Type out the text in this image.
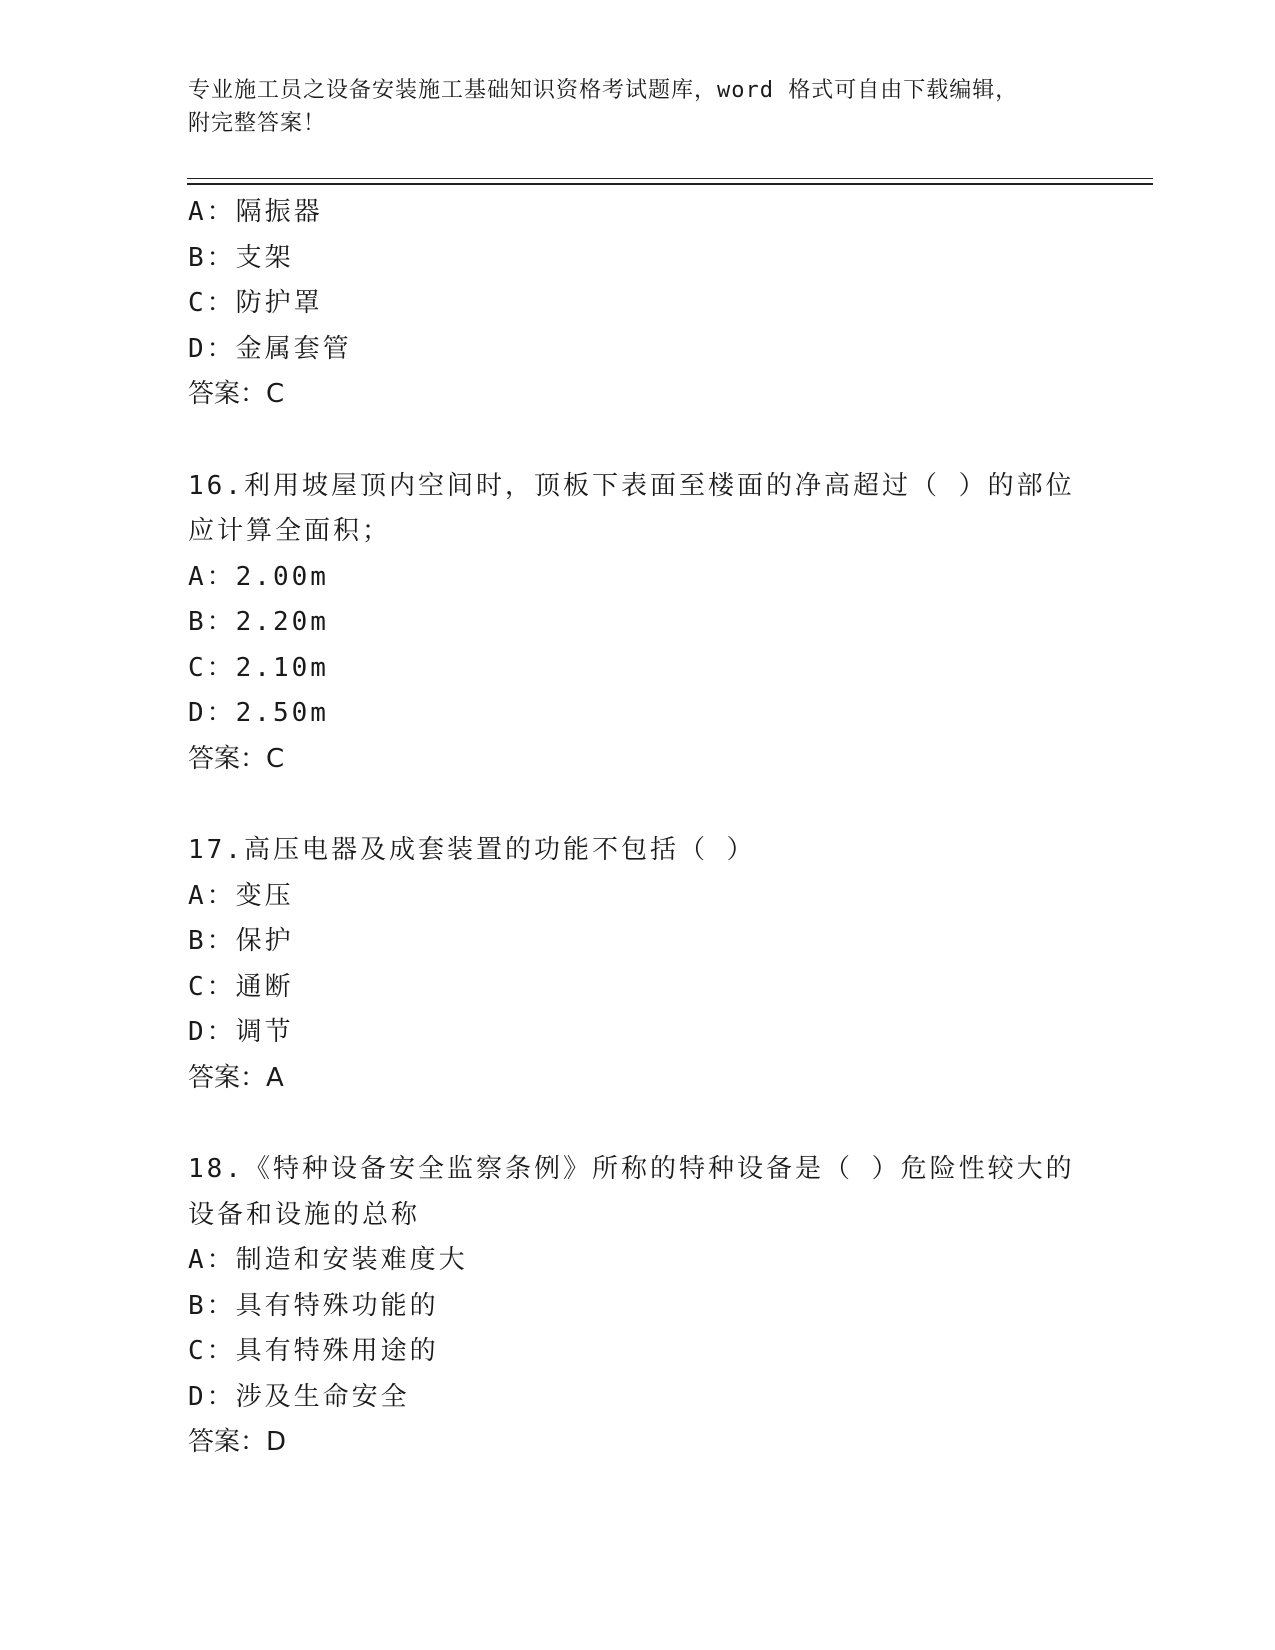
专业施工员之设备安装施工基础知识资格考试题库，word 格式可自由下载编辑，
附完整答案！
A：隔振器
B：支架
C：防护罩
D：金属套管
答案：C
16.利用坡屋顶内空间时，顶板下表面至楼面的净高超过（ ）的部位
应计算全面积；
A：2.00m
B：2.20m
C：2.10m
D：2.50m
答案：C
17.高压电器及成套装置的功能不包括（ ）
A：变压
B：保护
C：通断
D：调节
答案：A
18.《特种设备安全监察条例》所称的特种设备是（ ）危险性较大的
设备和设施的总称
A：制造和安装难度大
B：具有特殊功能的
C：具有特殊用途的
D：涉及生命安全
答案：D
